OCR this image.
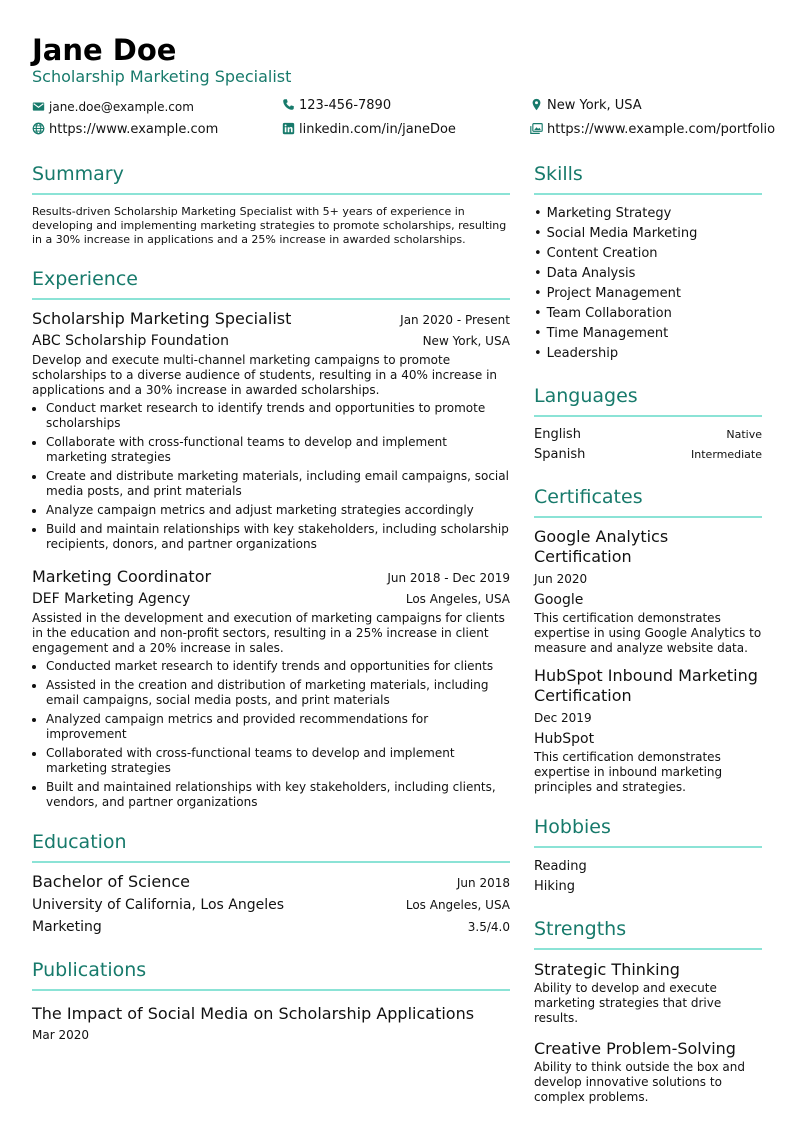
Jane Doe
Scholarship Marketing Specialist
jane.doe@example.com	123-456-7890	New York, USA
https://www.example.com	linkedin.com/in/janeDoe	https://www.example.com/portfolio
Summary
Results-driven Scholarship Marketing Specialist with 5+ years of experience in developing and implementing marketing strategies to promote scholarships, resulting in a 30% increase in applications and a 25% increase in awarded scholarships.
Experience
Scholarship Marketing Specialist	Jan 2020 - Present
ABC Scholarship Foundation	New York, USA
Develop and execute multi-channel marketing campaigns to promote scholarships to a diverse audience of students, resulting in a 40% increase in applications and a 30% increase in awarded scholarships.
• Conduct market research to identify trends and opportunities to promote scholarships
• Collaborate with cross-functional teams to develop and implement marketing strategies
• Create and distribute marketing materials, including email campaigns, social media posts, and print materials
• Analyze campaign metrics and adjust marketing strategies accordingly
• Build and maintain relationships with key stakeholders, including scholarship recipients, donors, and partner organizations
Marketing Coordinator	Jun 2018 - Dec 2019
DEF Marketing Agency	Los Angeles, USA
Assisted in the development and execution of marketing campaigns for clients in the education and non-profit sectors, resulting in a 25% increase in client engagement and a 20% increase in sales.
• Conducted market research to identify trends and opportunities for clients
• Assisted in the creation and distribution of marketing materials, including email campaigns, social media posts, and print materials
• Analyzed campaign metrics and provided recommendations for improvement
• Collaborated with cross-functional teams to develop and implement marketing strategies
• Built and maintained relationships with key stakeholders, including clients, vendors, and partner organizations
Education
Bachelor of Science	Jun 2018
University of California, Los Angeles	Los Angeles, USA
Marketing	3.5/4.0
Publications
The Impact of Social Media on Scholarship Applications
Mar 2020
Skills
• Marketing Strategy
• Social Media Marketing
• Content Creation
• Data Analysis
• Project Management
• Team Collaboration
• Time Management
• Leadership
Languages
English	Native
Spanish	Intermediate
Certificates
Google Analytics Certification
Jun 2020
Google
This certification demonstrates expertise in using Google Analytics to measure and analyze website data.
HubSpot Inbound Marketing Certification
Dec 2019
HubSpot
This certification demonstrates expertise in inbound marketing principles and strategies.
Hobbies
Reading
Hiking
Strengths
Strategic Thinking
Ability to develop and execute marketing strategies that drive results.
Creative Problem-Solving
Ability to think outside the box and develop innovative solutions to complex problems.
